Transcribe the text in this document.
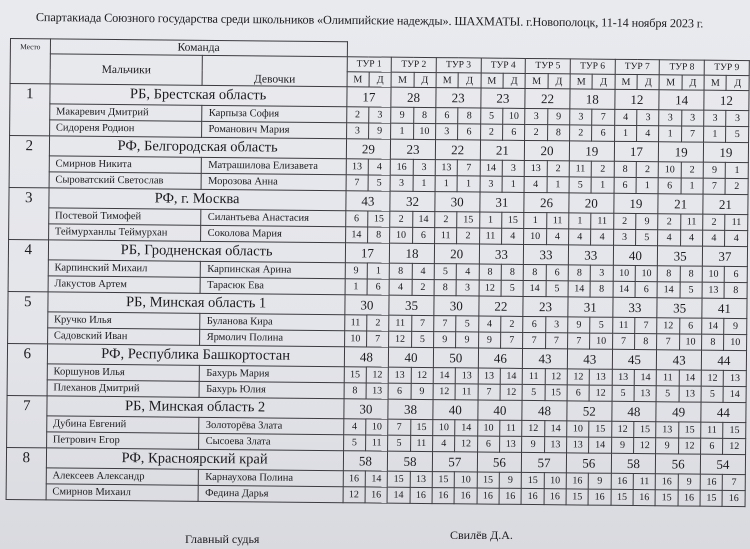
Спартакиада Союзного государства среди школьников «Олимпийские надежды». ШАХМАТЫ. г.Новополоцк, 11-14 ноября 2023 г.
Место	Команда																			
	Мальчики	Девочки	ТУР 1		ТУР 2		ТУР 3		ТУР 4		ТУР 5		ТУР 6		ТУР 7		ТУР 8		ТУР 9	
			М	Д	М	Д	М	Д	М	Д	М	Д	М	Д	М	Д	М	Д	М	Д
1	РБ, Брестская область		17		28		23		23		22		18		12		14		12	
	Макаревич Дмитрий	Карпыза София	2	3	9	8	6	8	5	10	3	9	3	7	4	3	3	3	3	3
	Сидореня Родион	Романович Мария	3	9	1	10	3	6	2	6	2	8	2	6	1	4	1	7	1	5
2	РФ, Белгородская область		29		23		22		21		20		19		17		19		19	
	Смирнов Никита	Матрашилова Елизавета	13	4	16	3	13	7	14	3	13	2	11	2	8	2	10	2	9	1
	Сыроватский Светослав	Морозова Анна	7	5	3	1	1	1	3	1	4	1	5	1	6	1	6	1	7	2
3	РФ, г. Москва		43		32		30		31		26		20		19		21		21	
	Постевой Тимофей	Силантьева Анастасия	6	15	2	14	2	15	1	15	1	11	1	11	2	9	2	11	2	11
	Теймурханлы Теймурхан	Соколова Мария	14	8	10	6	11	2	11	4	10	4	4	4	3	5	4	4	4	4
4	РБ, Гродненская область		17		18		20		33		33		33		40		35		37	
	Карпинский Михаил	Карпинская Арина	9	1	8	4	5	4	8	8	8	6	8	3	10	10	8	8	10	6
	Лакустов Артем	Тарасюк Ева	1	6	4	2	8	3	12	5	14	5	14	8	14	6	14	5	13	8
5	РБ, Минская область 1		30		35		30		22		23		31		33		35		41	
	Кручко Илья	Буланова Кира	11	2	11	7	7	5	4	2	6	3	9	5	11	7	12	6	14	9
	Садовский Иван	Ярмолич Полина	10	7	12	5	9	9	9	7	7	7	7	10	7	8	7	10	8	10
6	РФ, Республика Башкортостан		48		40		50		46		43		43		45		43		44	
	Коршунов Илья	Бахурь Мария	15	12	13	12	14	13	13	14	11	12	12	13	13	14	11	14	12	13
	Плеханов Дмитрий	Бахурь Юлия	8	13	6	9	12	11	7	12	5	15	6	12	5	13	5	13	5	14
7	РБ, Минская область 2		30		38		40		40		48		52		48		49		44	
	Дубина Евгений	Золоторёва Злата	4	10	7	15	10	14	10	11	12	14	10	15	12	15	13	15	11	15
	Петрович Егор	Сысоева Злата	5	11	5	11	4	12	6	13	9	13	13	14	9	12	9	12	6	12
8	РФ, Красноярский край		58		58		57		56		57		56		58		56		54	
	Алексеев Александр	Карнаухова Полина	16	14	15	13	15	10	15	9	15	10	16	9	16	11	16	9	16	7
	Смирнов Михаил	Федина Дарья	12	16	14	16	16	16	16	16	16	16	15	16	15	16	15	16	15	16
Главный судья	Свилёв Д.А.
